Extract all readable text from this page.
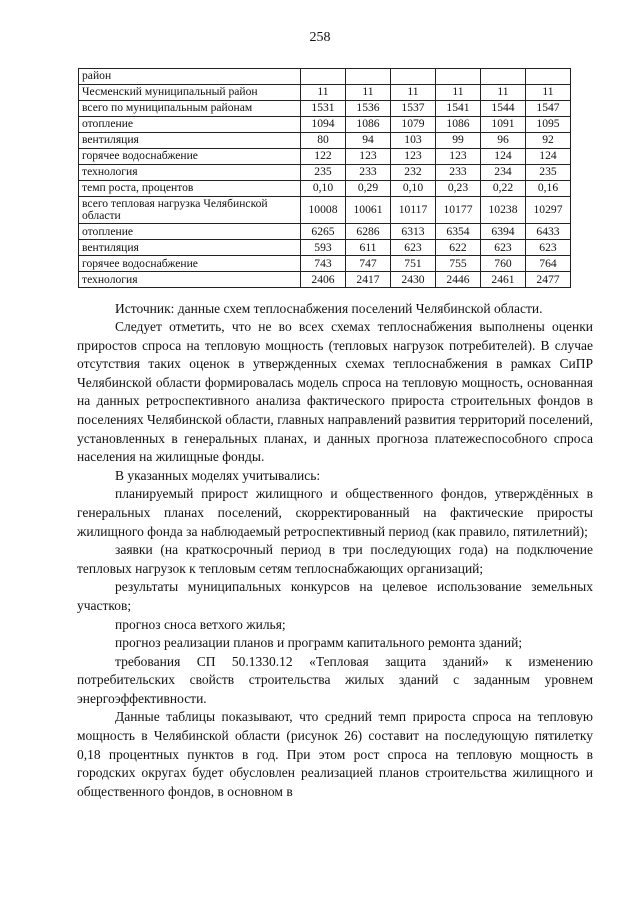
258
район						
Чесменский муниципальный район	11	11	11	11	11	11
всего по муниципальным районам	1531	1536	1537	1541	1544	1547
отопление	1094	1086	1079	1086	1091	1095
вентиляция	80	94	103	99	96	92
горячее водоснабжение	122	123	123	123	124	124
технология	235	233	232	233	234	235
темп роста, процентов	0,10	0,29	0,10	0,23	0,22	0,16
всего тепловая нагрузка Челябинской области	10008	10061	10117	10177	10238	10297
отопление	6265	6286	6313	6354	6394	6433
вентиляция	593	611	623	622	623	623
горячее водоснабжение	743	747	751	755	760	764
технология	2406	2417	2430	2446	2461	2477
Источник: данные схем теплоснабжения поселений Челябинской области.

Следует отметить, что не во всех схемах теплоснабжения выполнены оценки приростов спроса на тепловую мощность (тепловых нагрузок потребителей). В случае отсутствия таких оценок в утвержденных схемах теплоснабжения в рамках СиПР Челябинской области формировалась модель спроса на тепловую мощность, основанная на данных ретроспективного анализа фактического прироста строительных фондов в поселениях Челябинской области, главных направлений развития территорий поселений, установленных в генеральных планах, и данных прогноза платежеспособного спроса населения на жилищные фонды.

В указанных моделях учитывались:

планируемый прирост жилищного и общественного фондов, утверждённых в генеральных планах поселений, скорректированный на фактические приросты жилищного фонда за наблюдаемый ретроспективный период (как правило, пятилетний);

заявки (на краткосрочный период в три последующих года) на подключение тепловых нагрузок к тепловым сетям теплоснабжающих организаций;

результаты муниципальных конкурсов на целевое использование земельных участков;

прогноз сноса ветхого жилья;

прогноз реализации планов и программ капитального ремонта зданий;

требования СП 50.1330.12 «Тепловая защита зданий» к изменению потребительских свойств строительства жилых зданий с заданным уровнем энергоэффективности.

Данные таблицы показывают, что средний темп прироста спроса на тепловую мощность в Челябинской области (рисунок 26) составит на последующую пятилетку 0,18 процентных пунктов в год. При этом рост спроса на тепловую мощность в городских округах будет обусловлен реализацией планов строительства жилищного и общественного фондов, в основном в
